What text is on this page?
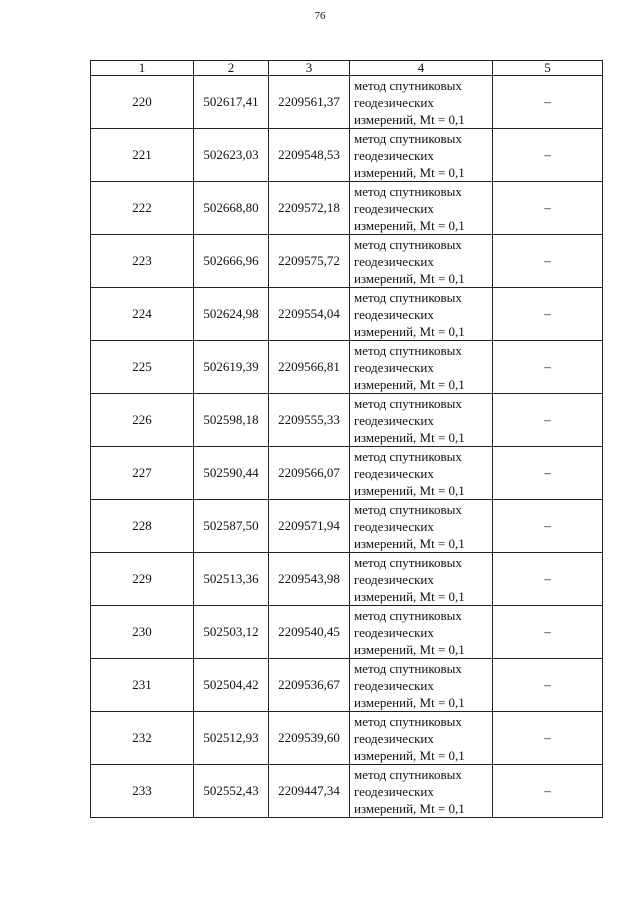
76
1	2	3	4	5
220	502617,41	2209561,37	метод спутниковых
геодезических
измерений, Mt = 0,1	–
221	502623,03	2209548,53	метод спутниковых
геодезических
измерений, Mt = 0,1	–
222	502668,80	2209572,18	метод спутниковых
геодезических
измерений, Mt = 0,1	–
223	502666,96	2209575,72	метод спутниковых
геодезических
измерений, Mt = 0,1	–
224	502624,98	2209554,04	метод спутниковых
геодезических
измерений, Mt = 0,1	–
225	502619,39	2209566,81	метод спутниковых
геодезических
измерений, Mt = 0,1	–
226	502598,18	2209555,33	метод спутниковых
геодезических
измерений, Mt = 0,1	–
227	502590,44	2209566,07	метод спутниковых
геодезических
измерений, Mt = 0,1	–
228	502587,50	2209571,94	метод спутниковых
геодезических
измерений, Mt = 0,1	–
229	502513,36	2209543,98	метод спутниковых
геодезических
измерений, Mt = 0,1	–
230	502503,12	2209540,45	метод спутниковых
геодезических
измерений, Mt = 0,1	–
231	502504,42	2209536,67	метод спутниковых
геодезических
измерений, Mt = 0,1	–
232	502512,93	2209539,60	метод спутниковых
геодезических
измерений, Mt = 0,1	–
233	502552,43	2209447,34	метод спутниковых
геодезических
измерений, Mt = 0,1	–
